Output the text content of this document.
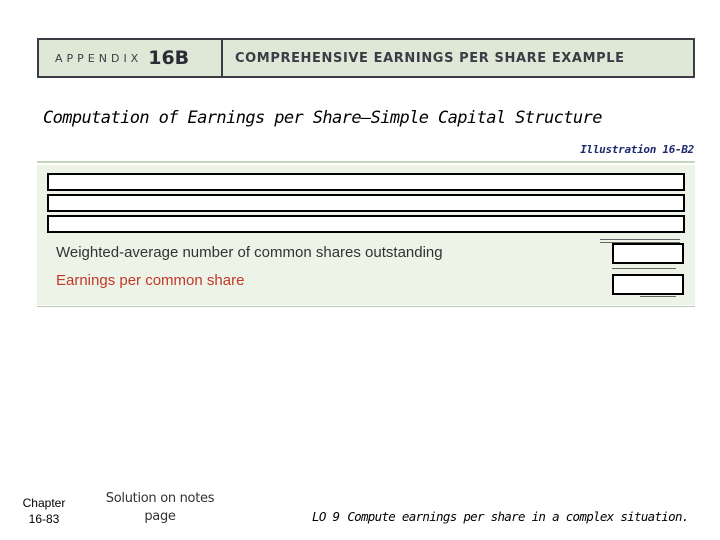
APPENDIX 16B	COMPREHENSIVE EARNINGS PER SHARE EXAMPLE
Computation of Earnings per Share—Simple Capital Structure
Illustration 16-B2
Weighted-average number of common shares outstanding
Earnings per common share
Chapter
16-83
Solution on notes
page	LO 9 Compute earnings per share in a complex situation.
